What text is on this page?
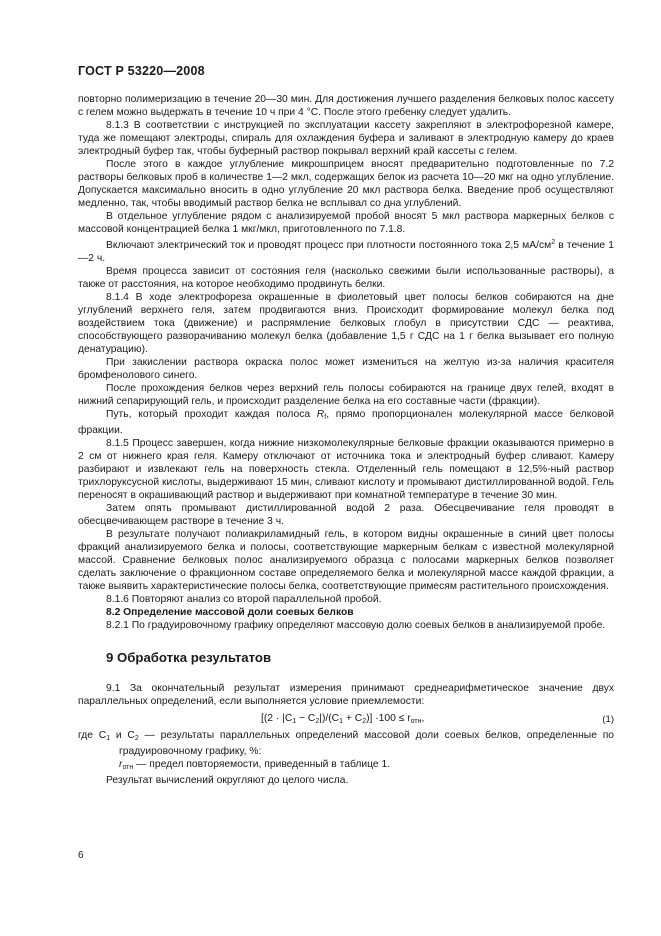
ГОСТ Р 53220—2008

повторно полимеризацию в течение 20—30 мин. Для достижения лучшего разделения белковых полос кассету с гелем можно выдержать в течение 10 ч при 4 °С. После этого гребенку следует удалить.

8.1.3 В соответствии с инструкцией по эксплуатации кассету закрепляют в электрофорезной камере, туда же помещают электроды, спираль для охлаждения буфера и заливают в электродную камеру до краев электродный буфер так, чтобы буферный раствор покрывал верхний край кассеты с гелем.

После этого в каждое углубление микрошприцем вносят предварительно подготовленные по 7.2 растворы белковых проб в количестве 1—2 мкл, содержащих белок из расчета 10—20 мкг на одно углубление. Допускается максимально вносить в одно углубление 20 мкл раствора белка. Введение проб осуществляют медленно, так, чтобы вводимый раствор белка не всплывал со дна углублений.

В отдельное углубление рядом с анализируемой пробой вносят 5 мкл раствора маркерных белков с массовой концентрацией белка 1 мкг/мкл, приготовленного по 7.1.8.

Включают электрический ток и проводят процесс при плотности постоянного тока 2,5 $мА/см^2$ в течение 1—2 ч.

Время процесса зависит от состояния геля (насколько свежими были использованные растворы), а также от расстояния, на которое необходимо продвинуть белки.

8.1.4 В ходе электрофореза окрашенные в фиолетовый цвет полосы белков собираются на дне углублений верхнего геля, затем продвигаются вниз. Происходит формирование молекул белка под воздействием тока (движение) и распрямление белковых глобул в присутствии СДС — реактива, способствующего разворачиванию молекул белка (добавление 1,5 г СДС на 1 г белка вызывает его полную денатурацию).

При закислении раствора окраска полос может измениться на желтую из-за наличия красителя бромфенолового синего.

После прохождения белков через верхний гель полосы собираются на границе двух гелей, входят в нижний сепарирующий гель, и происходит разделение белка на его составные части (фракции).

Путь, который проходит каждая полоса $R_f$, прямо пропорционален молекулярной массе белковой фракции.

8.1.5 Процесс завершен, когда нижние низкомолекулярные белковые фракции оказываются примерно в 2 см от нижнего края геля. Камеру отключают от источника тока и электродный буфер сливают. Камеру разбирают и извлекают гель на поверхность стекла. Отделенный гель помещают в 12,5%-ный раствор трихлоруксусной кислоты, выдерживают 15 мин, сливают кислоту и промывают дистиллированной водой. Гель переносят в окрашивающий раствор и выдерживают при комнатной температуре в течение 30 мин.

Затем опять промывают дистиллированной водой 2 раза. Обесцвечивание геля проводят в обесцвечивающем растворе в течение 3 ч.

В результате получают полиакриламидный гель, в котором видны окрашенные в синий цвет полосы фракций анализируемого белка и полосы, соответствующие маркерным белкам с известной молекулярной массой. Сравнение белковых полос анализируемого образца с полосами маркерных белков позволяет сделать заключение о фракционном составе определяемого белка и молекулярной массе каждой фракции, а также выявить характеристические полосы белка, соответствующие примесям растительного происхождения.

8.1.6 Повторяют анализ со второй параллельной пробой.

8.2 Определение массовой доли соевых белков

8.2.1 По градуировочному графику определяют массовую долю соевых белков в анализируемой пробе.

9 Обработка результатов

9.1 За окончательный результат измерения принимают среднеарифметическое значение двух параллельных определений, если выполняется условие приемлемости:

$[(2 \cdot |C_1 - C_2|)/(C_1 + C_2)] \cdot 100 \le r_{отн}$,	(1)

где $C_1$ и $C_2$ — результаты параллельных определений массовой доли соевых белков, определенные по градуировочному графику, %:

$r_{отн}$ — предел повторяемости, приведенный в таблице 1.

Результат вычислений округляют до целого числа.

6
